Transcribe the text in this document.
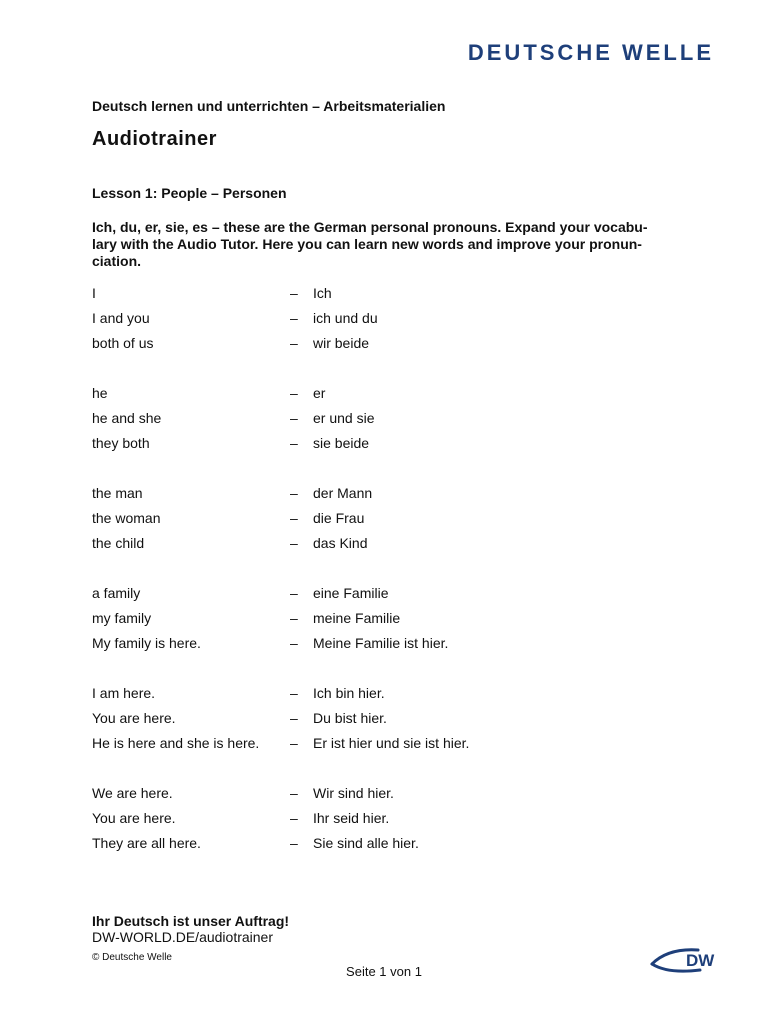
DEUTSCHE WELLE
Deutsch lernen und unterrichten – Arbeitsmaterialien
Audiotrainer
Lesson 1: People – Personen
Ich, du, er, sie, es – these are the German personal pronouns. Expand your vocabu-
lary with the Audio Tutor. Here you can learn new words and improve your pronun-
ciation.
I	– Ich
I and you	– ich und du
both of us	– wir beide
he	– er
he and she	– er und sie
they both	– sie beide
the man	– der Mann
the woman	– die Frau
the child	– das Kind
a family	– eine Familie
my family	– meine Familie
My family is here.	– Meine Familie ist hier.
I am here.	– Ich bin hier.
You are here.	– Du bist hier.
He is here and she is here. – Er ist hier und sie ist hier.
We are here.	– Wir sind hier.
You are here.	– Ihr seid hier.
They are all here.	– Sie sind alle hier.
Ihr Deutsch ist unser Auftrag!
DW-WORLD.DE/audiotrainer
© Deutsche Welle
Seite 1 von 1
DW
